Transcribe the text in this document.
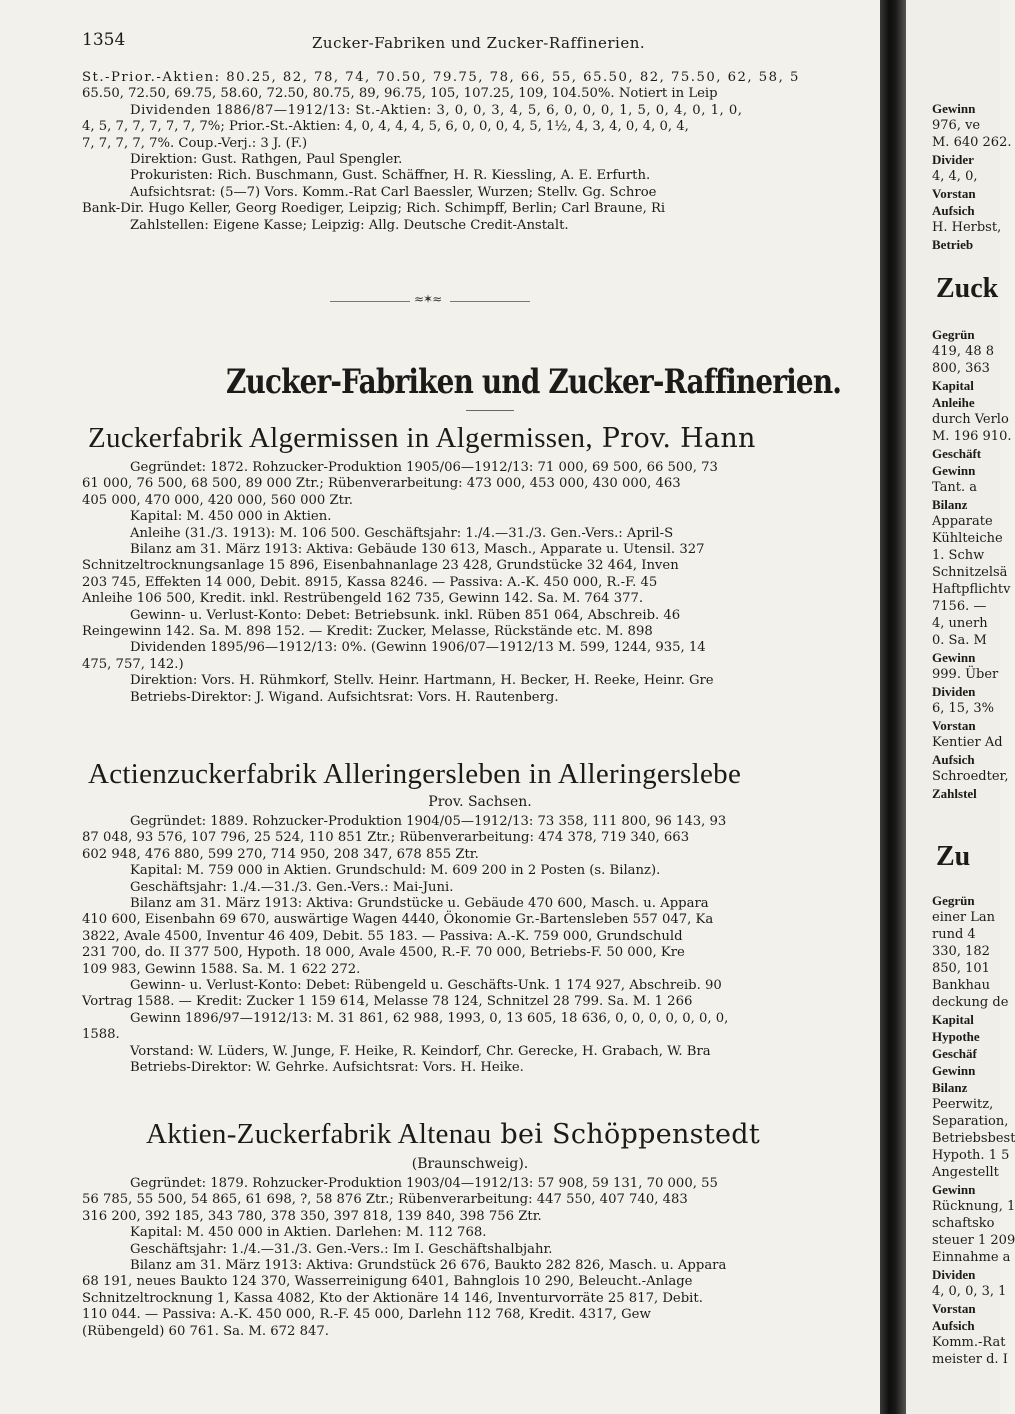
1354	Zucker-Fabriken und Zucker-Raffinerien.

St.-Prior.-Aktien: 80.25, 82, 78, 74, 70.50, 79.75, 78, 66, 55, 65.50, 82, 75.50, 62, 58, 5

65.50, 72.50, 69.75, 58.60, 72.50, 80.75, 89, 96.75, 105, 107.25, 109, 104.50%. Notiert in Leip

Dividenden 1886/87—1912/13: St.-Aktien: 3, 0, 0, 3, 4, 5, 6, 0, 0, 0, 1, 5, 0, 4, 0, 1, 0,

4, 5, 7, 7, 7, 7, 7, 7%; Prior.-St.-Aktien: 4, 0, 4, 4, 4, 5, 6, 0, 0, 0, 4, 5, 1½, 4, 3, 4, 0, 4, 0, 4,

7, 7, 7, 7, 7%. Coup.-Verj.: 3 J. (F.)

Direktion: Gust. Rathgen, Paul Spengler.

Prokuristen: Rich. Buschmann, Gust. Schäffner, H. R. Kiessling, A. E. Erfurth.

Aufsichtsrat: (5—7) Vors. Komm.-Rat Carl Baessler, Wurzen; Stellv. Gg. Schroe

Bank-Dir. Hugo Keller, Georg Roediger, Leipzig; Rich. Schimpff, Berlin; Carl Braune, Ri

Zahlstellen: Eigene Kasse; Leipzig: Allg. Deutsche Credit-Anstalt.

≈✶≈
Zucker-Fabriken und Zucker-Raffinerien.
Zuckerfabrik Algermissen in Algermissen, Prov. Hann

Gegründet: 1872. Rohzucker-Produktion 1905/06—1912/13: 71 000, 69 500, 66 500, 73

61 000, 76 500, 68 500, 89 000 Ztr.; Rübenverarbeitung: 473 000, 453 000, 430 000, 463

405 000, 470 000, 420 000, 560 000 Ztr.

Kapital: M. 450 000 in Aktien.

Anleihe (31./3. 1913): M. 106 500. Geschäftsjahr: 1./4.—31./3. Gen.-Vers.: April-S

Bilanz am 31. März 1913: Aktiva: Gebäude 130 613, Masch., Apparate u. Utensil. 327

Schnitzeltrocknungsanlage 15 896, Eisenbahnanlage 23 428, Grundstücke 32 464, Inven

203 745, Effekten 14 000, Debit. 8915, Kassa 8246. — Passiva: A.-K. 450 000, R.-F. 45

Anleihe 106 500, Kredit. inkl. Restrübengeld 162 735, Gewinn 142. Sa. M. 764 377.

Gewinn- u. Verlust-Konto: Debet: Betriebsunk. inkl. Rüben 851 064, Abschreib. 46

Reingewinn 142. Sa. M. 898 152. — Kredit: Zucker, Melasse, Rückstände etc. M. 898

Dividenden 1895/96—1912/13: 0%. (Gewinn 1906/07—1912/13 M. 599, 1244, 935, 14

475, 757, 142.)

Direktion: Vors. H. Rühmkorf, Stellv. Heinr. Hartmann, H. Becker, H. Reeke, Heinr. Gre

Betriebs-Direktor: J. Wigand. Aufsichtsrat: Vors. H. Rautenberg.

Actienzuckerfabrik Alleringersleben in Alleringerslebe
Prov. Sachsen.

Gegründet: 1889. Rohzucker-Produktion 1904/05—1912/13: 73 358, 111 800, 96 143, 93

87 048, 93 576, 107 796, 25 524, 110 851 Ztr.; Rübenverarbeitung: 474 378, 719 340, 663

602 948, 476 880, 599 270, 714 950, 208 347, 678 855 Ztr.

Kapital: M. 759 000 in Aktien. Grundschuld: M. 609 200 in 2 Posten (s. Bilanz).

Geschäftsjahr: 1./4.—31./3. Gen.-Vers.: Mai-Juni.

Bilanz am 31. März 1913: Aktiva: Grundstücke u. Gebäude 470 600, Masch. u. Appara

410 600, Eisenbahn 69 670, auswärtige Wagen 4440, Ökonomie Gr.-Bartensleben 557 047, Ka

3822, Avale 4500, Inventur 46 409, Debit. 55 183. — Passiva: A.-K. 759 000, Grundschuld

231 700, do. II 377 500, Hypoth. 18 000, Avale 4500, R.-F. 70 000, Betriebs-F. 50 000, Kre

109 983, Gewinn 1588. Sa. M. 1 622 272.

Gewinn- u. Verlust-Konto: Debet: Rübengeld u. Geschäfts-Unk. 1 174 927, Abschreib. 90

Vortrag 1588. — Kredit: Zucker 1 159 614, Melasse 78 124, Schnitzel 28 799. Sa. M. 1 266

Gewinn 1896/97—1912/13: M. 31 861, 62 988, 1993, 0, 13 605, 18 636, 0, 0, 0, 0, 0, 0, 0,

1588.

Vorstand: W. Lüders, W. Junge, F. Heike, R. Keindorf, Chr. Gerecke, H. Grabach, W. Bra

Betriebs-Direktor: W. Gehrke. Aufsichtsrat: Vors. H. Heike.

Aktien-Zuckerfabrik Altenau bei Schöppenstedt
(Braunschweig).

Gegründet: 1879. Rohzucker-Produktion 1903/04—1912/13: 57 908, 59 131, 70 000, 55

56 785, 55 500, 54 865, 61 698, ?, 58 876 Ztr.; Rübenverarbeitung: 447 550, 407 740, 483

316 200, 392 185, 343 780, 378 350, 397 818, 139 840, 398 756 Ztr.

Kapital: M. 450 000 in Aktien. Darlehen: M. 112 768.

Geschäftsjahr: 1./4.—31./3. Gen.-Vers.: Im I. Geschäftshalbjahr.

Bilanz am 31. März 1913: Aktiva: Grundstück 26 676, Baukto 282 826, Masch. u. Appara

68 191, neues Baukto 124 370, Wasserreinigung 6401, Bahnglois 10 290, Beleucht.-Anlage

Schnitzeltrocknung 1, Kassa 4082, Kto der Aktionäre 14 146, Inventurvorräte 25 817, Debit.

110 044. — Passiva: A.-K. 450 000, R.-F. 45 000, Darlehn 112 768, Kredit. 4317, Gew

(Rübengeld) 60 761. Sa. M. 672 847.

Gewinn
976, ve
M. 640 262.
Divider
4, 4, 0,
Vorstan
Aufsich
H. Herbst,
Betrieb
Zuck
Gegrün
419, 48 8
800, 363
Kapital
Anleihe
durch Verlo
M. 196 910.
Geschäft
Gewinn
Tant. a
Bilanz
Apparate
Kühlteiche
1. Schw
Schnitzelsä
Haftpflichtv
7156. —
4, unerh
0. Sa. M
Gewinn
999. Über
Dividen
6, 15, 3%
Vorstan
Kentier Ad
Aufsich
Schroedter,
Zahlstel
Zu
Gegrün
einer Lan
rund 4
330, 182
850, 101
Bankhau
deckung de
Kapital
Hypothe
Geschäf
Gewinn
Bilanz
Peerwitz,
Separation,
Betriebsbest
Hypoth. 1 5
Angestellt
Gewinn
Rücknung, 1
schaftsko
steuer 1 209
Einnahme a
Dividen
4, 0, 0, 3, 1
Vorstan
Aufsich
Komm.-Rat
meister d. I
